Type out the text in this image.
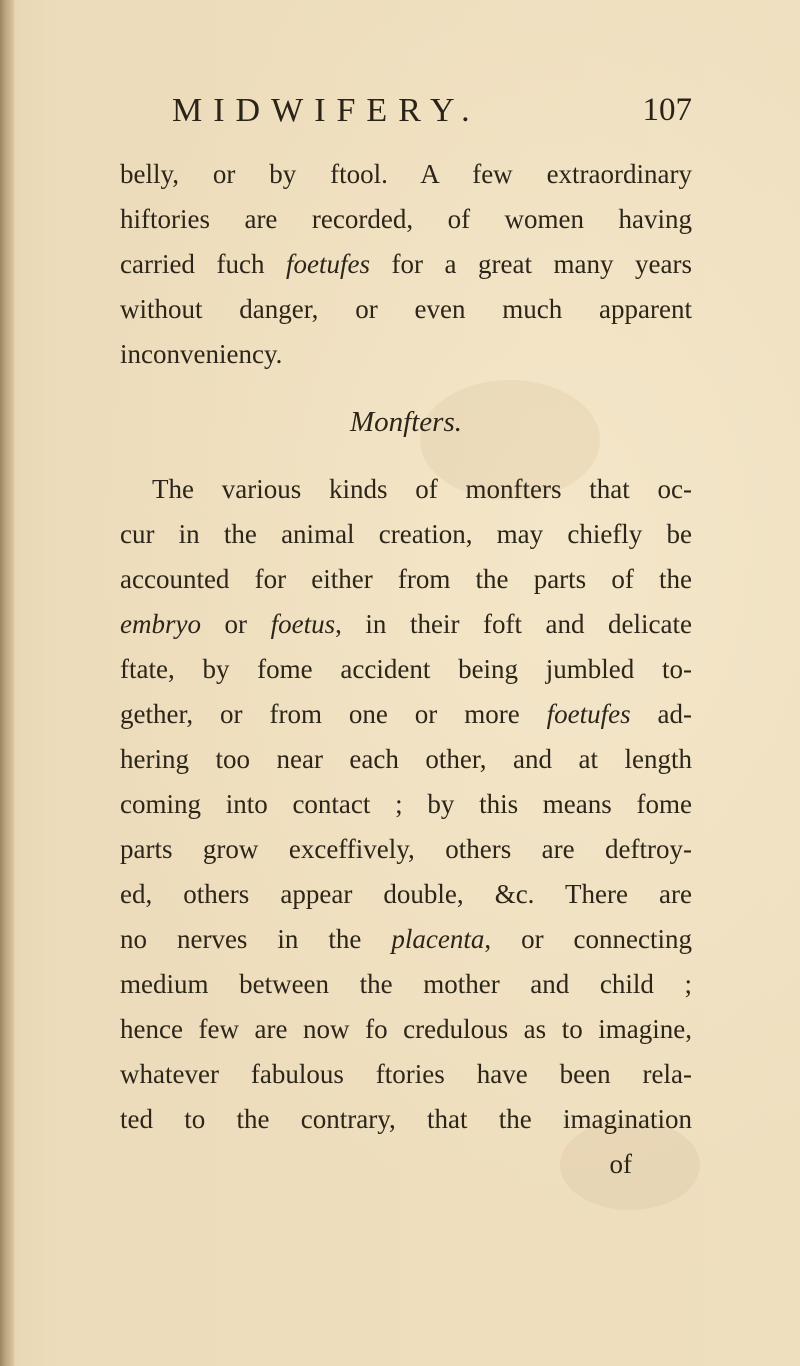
MIDWIFERY.	107
belly, or by ftool. A few extraordinary
hiftories are recorded, of women having
carried fuch foetufes for a great many years
without danger, or even much apparent
inconveniency.
Monfters.
The various kinds of monfters that oc-
cur in the animal creation, may chiefly be
accounted for either from the parts of the
embryo or foetus, in their foft and delicate
ftate, by fome accident being jumbled to-
gether, or from one or more foetufes ad-
hering too near each other, and at length
coming into contact ; by this means fome
parts grow exceffively, others are deftroy-
ed, others appear double, &c. There are
no nerves in the placenta, or connecting
medium between the mother and child ;
hence few are now fo credulous as to imagine,
whatever fabulous ftories have been rela-
ted to the contrary, that the imagination
of
